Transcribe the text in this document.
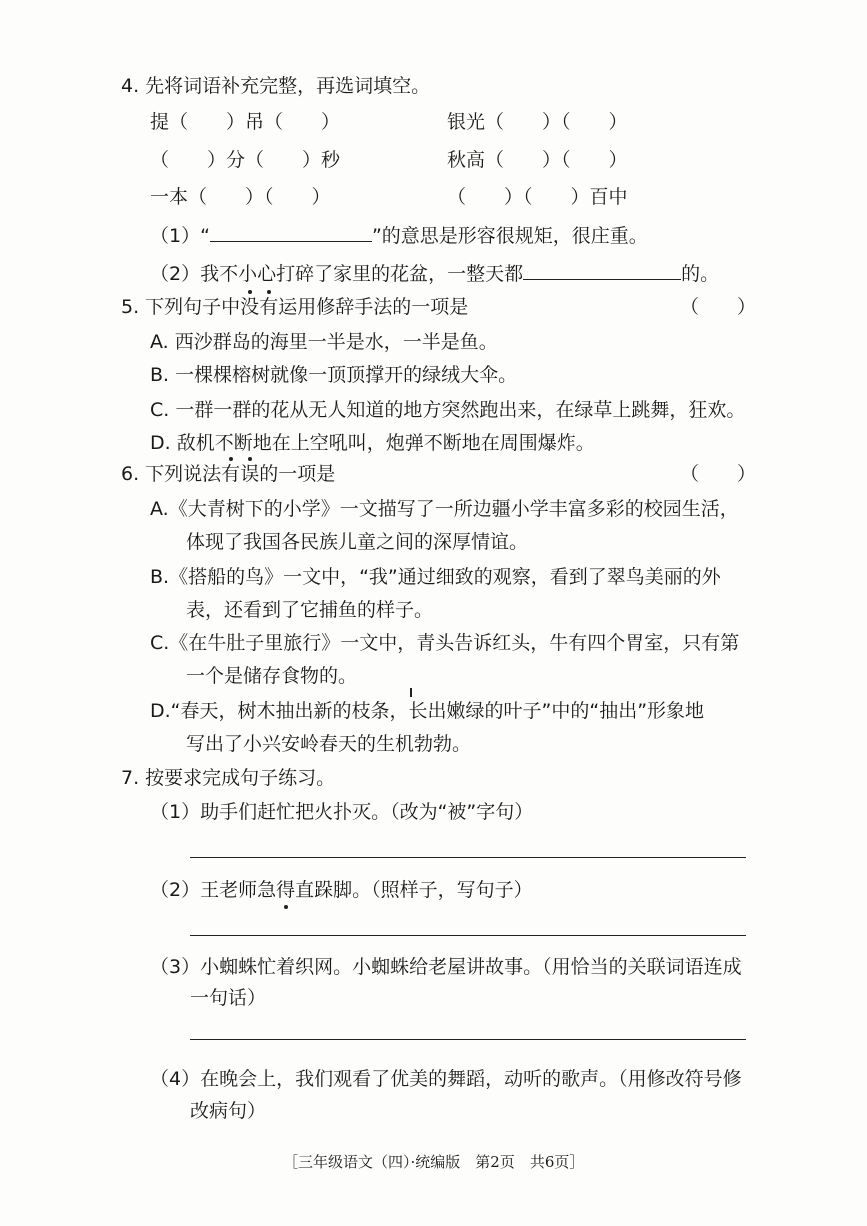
4. 先将词语补充完整，再选词填空。
提（　　）吊（　　）	银光（　　）（　　）
（　　）分（　　）秒	秋高（　　）（　　）
一本（　　）（　　）	（　　）（　　）百中
（1）“	”的意思是形容很规矩，很庄重。
（2）我不小心打碎了家里的花盆，一整天都	的。
5. 下列句子中没有运用修辞手法的一项是	（　　）
A. 西沙群岛的海里一半是水，一半是鱼。
B. 一棵棵榕树就像一顶顶撑开的绿绒大伞。
C. 一群一群的花从无人知道的地方突然跑出来，在绿草上跳舞，狂欢。
D. 敌机不断地在上空吼叫，炮弹不断地在周围爆炸。
6. 下列说法有误的一项是	（　　）
A.《大青树下的小学》一文描写了一所边疆小学丰富多彩的校园生活，
体现了我国各民族儿童之间的深厚情谊。
B.《搭船的鸟》一文中，“我”通过细致的观察，看到了翠鸟美丽的外
表，还看到了它捕鱼的样子。
C.《在牛肚子里旅行》一文中，青头告诉红头，牛有四个胃室，只有第
一个是储存食物的。
D.“春天，树木抽出新的枝条，长出嫩绿的叶子”中的“抽出”形象地
写出了小兴安岭春天的生机勃勃。
7. 按要求完成句子练习。
（1）助手们赶忙把火扑灭。（改为“被”字句）
（2）王老师急得直跺脚。（照样子，写句子）
（3）小蜘蛛忙着织网。小蜘蛛给老屋讲故事。（用恰当的关联词语连成
一句话）
（4）在晚会上，我们观看了优美的舞蹈，动听的歌声。（用修改符号修
改病句）
［三年级语文（四）·统编版　第2页　共6页］
